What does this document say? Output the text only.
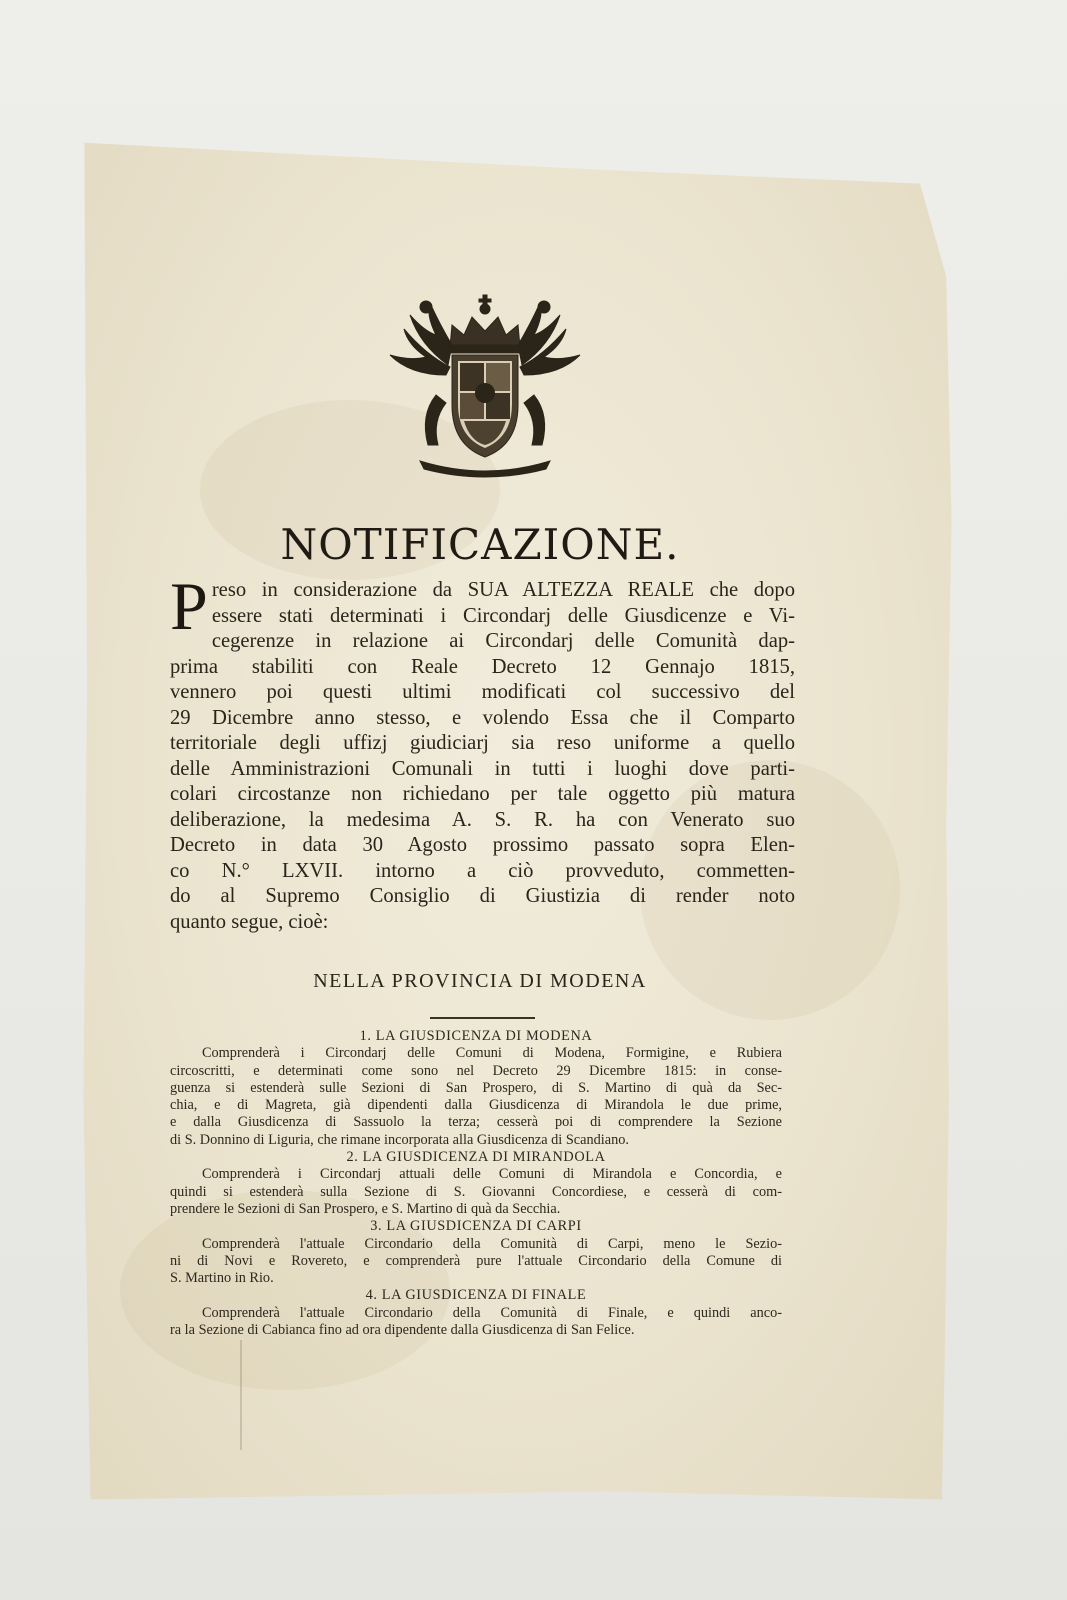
NOTIFICAZIONE.
P reso in considerazione da SUA ALTEZZA REALE che dopo
essere stati determinati i Circondarj delle Giusdicenze e Vi-
cegerenze in relazione ai Circondarj delle Comunità dap-
prima stabiliti con Reale Decreto 12 Gennajo 1815,
vennero poi questi ultimi modificati col successivo del
29 Dicembre anno stesso, e volendo Essa che il Comparto
territoriale degli uffizj giudiciarj sia reso uniforme a quello
delle Amministrazioni Comunali in tutti i luoghi dove parti-
colari circostanze non richiedano per tale oggetto più matura
deliberazione, la medesima A. S. R. ha con Venerato suo
Decreto in data 30 Agosto prossimo passato sopra Elen-
co N.° LXVII. intorno a ciò provveduto, commetten-
do al Supremo Consiglio di Giustizia di render noto
quanto segue, cioè:
NELLA PROVINCIA DI MODENA
1. LA GIUSDICENZA DI MODENA
Comprenderà i Circondarj delle Comuni di Modena, Formigine, e Rubiera
circoscritti, e determinati come sono nel Decreto 29 Dicembre 1815: in conse-
guenza si estenderà sulle Sezioni di San Prospero, di S. Martino di quà da Sec-
chia, e di Magreta, già dipendenti dalla Giusdicenza di Mirandola le due prime,
e dalla Giusdicenza di Sassuolo la terza; cesserà poi di comprendere la Sezione
di S. Donnino di Liguria, che rimane incorporata alla Giusdicenza di Scandiano.
2. LA GIUSDICENZA DI MIRANDOLA
Comprenderà i Circondarj attuali delle Comuni di Mirandola e Concordia, e
quindi si estenderà sulla Sezione di S. Giovanni Concordiese, e cesserà di com-
prendere le Sezioni di San Prospero, e S. Martino di quà da Secchia.
3. LA GIUSDICENZA DI CARPI
Comprenderà l'attuale Circondario della Comunità di Carpi, meno le Sezio-
ni di Novi e Rovereto, e comprenderà pure l'attuale Circondario della Comune di
S. Martino in Rio.
4. LA GIUSDICENZA DI FINALE
Comprenderà l'attuale Circondario della Comunità di Finale, e quindi anco-
ra la Sezione di Cabianca fino ad ora dipendente dalla Giusdicenza di San Felice.
